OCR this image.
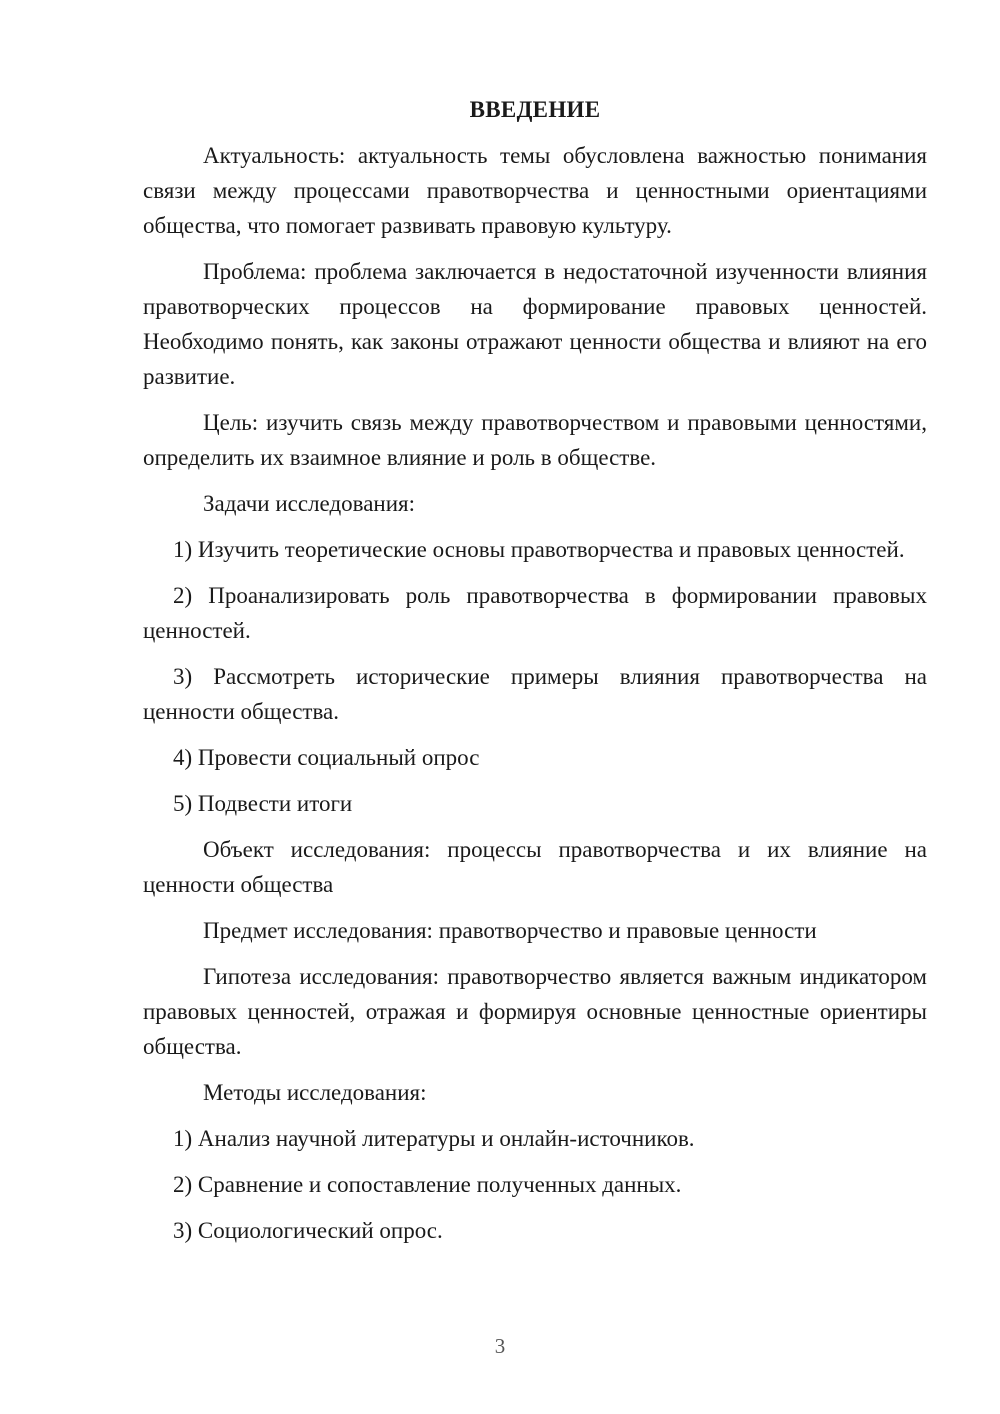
ВВЕДЕНИЕ

Актуальность: актуальность темы обусловлена важностью понимания связи между процессами правотворчества и ценностными ориентациями общества, что помогает развивать правовую культуру.

Проблема: проблема заключается в недостаточной изученности влияния правотворческих процессов на формирование правовых ценностей. Необходимо понять, как законы отражают ценности общества и влияют на его развитие.

Цель: изучить связь между правотворчеством и правовыми ценностями, определить их взаимное влияние и роль в обществе.

Задачи исследования:

1) Изучить теоретические основы правотворчества и правовых ценностей.

2) Проанализировать роль правотворчества в формировании правовых ценностей.

3) Рассмотреть исторические примеры влияния правотворчества на ценности общества.

4) Провести социальный опрос

5) Подвести итоги

Объект исследования: процессы правотворчества и их влияние на ценности общества

Предмет исследования: правотворчество и правовые ценности

Гипотеза исследования: правотворчество является важным индикатором правовых ценностей, отражая и формируя основные ценностные ориентиры общества.

Методы исследования:

1) Анализ научной литературы и онлайн-источников.

2) Сравнение и сопоставление полученных данных.

3) Социологический опрос.

3
